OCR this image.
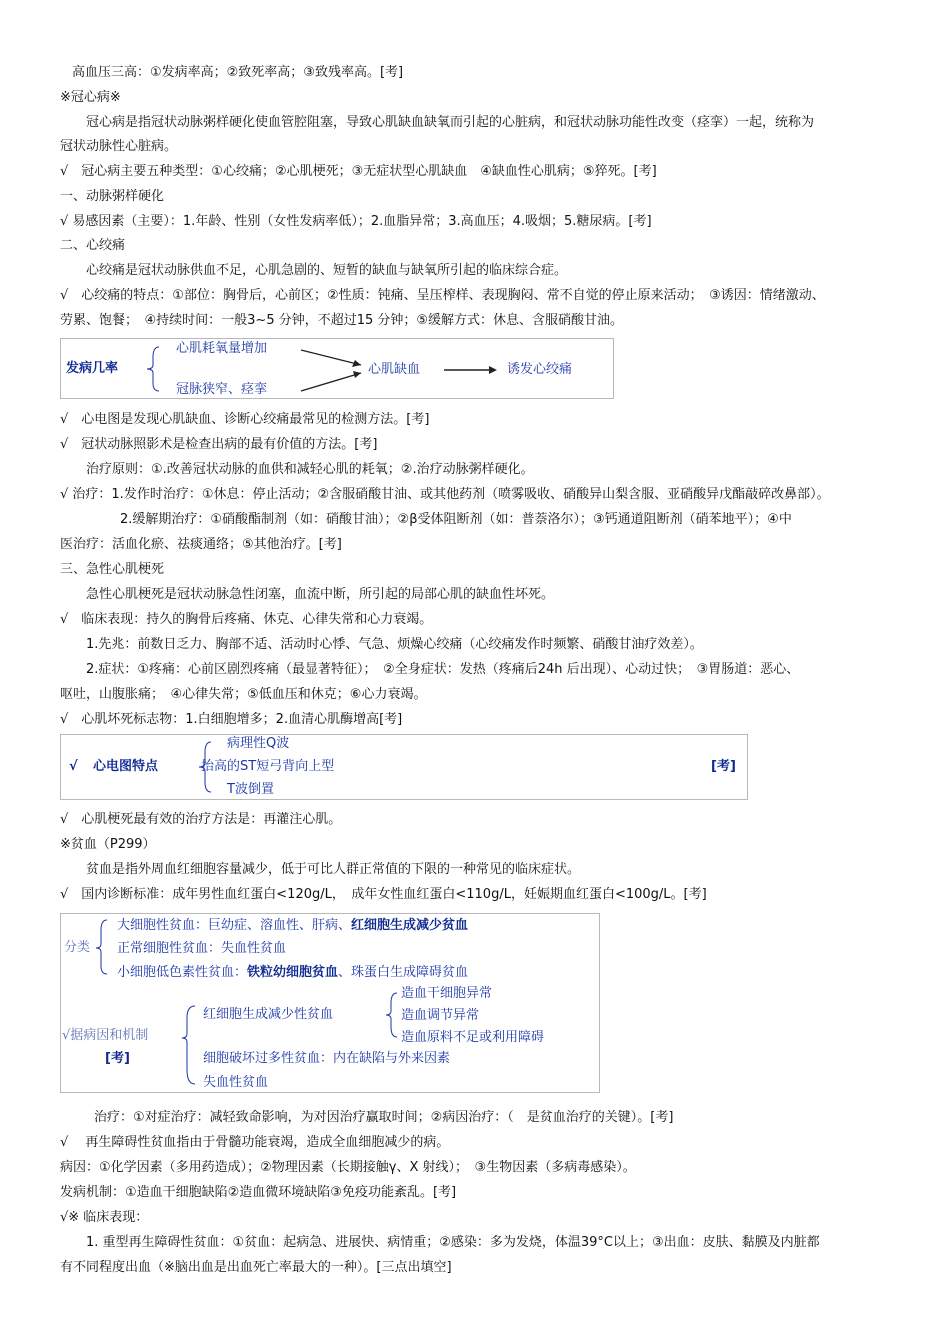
高血压三高：①发病率高；②致死率高；③致残率高。[考]
※冠心病※
冠心病是指冠状动脉粥样硬化使血管腔阻塞，导致心肌缺血缺氧而引起的心脏病，和冠状动脉功能性改变（痉挛）一起，统称为
冠状动脉性心脏病。
√　冠心病主要五种类型：①心绞痛；②心肌梗死；③无症状型心肌缺血　④缺血性心肌病；⑤猝死。[考]
一、动脉粥样硬化
√ 易感因素（主要）：1.年龄、性别（女性发病率低）；2.血脂异常；3.高血压；4.吸烟；5.糖尿病。[考]
二、心绞痛
心绞痛是冠状动脉供血不足，心肌急剧的、短暂的缺血与缺氧所引起的临床综合症。
√　心绞痛的特点：①部位：胸骨后，心前区；②性质：钝痛、呈压榨样、表现胸闷、常不自觉的停止原来活动；　③诱因：情绪激动、
劳累、饱餐；　④持续时间：一般3~5 分钟，不超过15 分钟；⑤缓解方式：休息、含服硝酸甘油。
发病几率
心肌耗氧量增加
冠脉狭窄、痉挛
心肌缺血	诱发心绞痛
√　心电图是发现心肌缺血、诊断心绞痛最常见的检测方法。[考]
√　冠状动脉照影术是检查出病的最有价值的方法。[考]
治疗原则：①.改善冠状动脉的血供和减轻心肌的耗氧；②.治疗动脉粥样硬化。
√ 治疗：1.发作时治疗：①休息：停止活动；②含服硝酸甘油、或其他药剂（喷雾吸收、硝酸异山梨含服、亚硝酸异戊酯敲碎改鼻部）。
2.缓解期治疗：①硝酸酯制剂（如：硝酸甘油）；②β受体阻断剂（如：普萘洛尔）；③钙通道阻断剂（硝苯地平）；④中
医治疗：活血化瘀、祛痰通络；⑤其他治疗。[考]
三、急性心肌梗死
急性心肌梗死是冠状动脉急性闭塞，血流中断，所引起的局部心肌的缺血性坏死。
√　临床表现：持久的胸骨后疼痛、休克、心律失常和心力衰竭。
1.先兆：前数日乏力、胸部不适、活动时心悸、气急、烦燥心绞痛（心绞痛发作时频繁、硝酸甘油疗效差）。
2.症状：①疼痛：心前区剧烈疼痛（最显著特征）；　②全身症状：发热（疼痛后24h 后出现）、心动过快；　③胃肠道：恶心、
呕吐，山腹胀痛；　④心律失常；⑤低血压和休克；⑥心力衰竭。
√　心肌坏死标志物：1.白细胞增多；2.血清心肌酶增高[考]
√ 心电图特点
病理性Q波
抬高的ST短弓背向上型
T波倒置
[考]
√　心肌梗死最有效的治疗方法是：再灌注心肌。
※贫血（P299）
贫血是指外周血红细胞容量减少，低于可比人群正常值的下限的一种常见的临床症状。
√　国内诊断标准：成年男性血红蛋白<120g/L，　成年女性血红蛋白<110g/L，妊娠期血红蛋白<100g/L。[考]
分类
大细胞性贫血：巨幼症、溶血性、肝病、红细胞生成减少贫血
正常细胞性贫血：失血性贫血
小细胞低色素性贫血：铁粒幼细胞贫血、珠蛋白生成障碍贫血
√据病因和机制
[考]
红细胞生成减少性贫血
造血干细胞异常
造血调节异常
造血原料不足或利用障碍
细胞破坏过多性贫血：内在缺陷与外来因素
失血性贫血
治疗：①对症治疗：减轻致命影响，为对因治疗赢取时间；②病因治疗：（　是贫血治疗的关键）。[考]
√　 再生障碍性贫血指由于骨髓功能衰竭，造成全血细胞减少的病。
病因：①化学因素（多用药造成）；②物理因素（长期接触γ、X 射线）；　③生物因素（多病毒感染）。
发病机制：①造血干细胞缺陷②造血微环境缺陷③免疫功能紊乱。[考]
√※ 临床表现：
1. 重型再生障碍性贫血：①贫血：起病急、进展快、病情重；②感染：多为发烧，体温39°C以上；③出血：皮肤、黏膜及内脏都
有不同程度出血（※脑出血是出血死亡率最大的一种）。[三点出填空]
